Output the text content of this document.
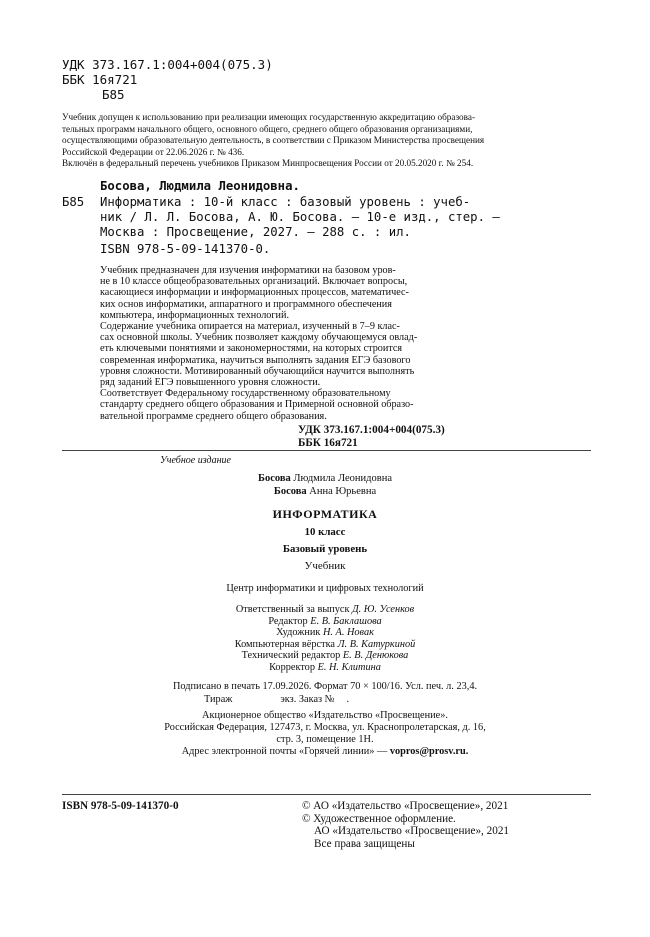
УДК 373.167.1:004+004(075.3)
ББК 16я721
Б85
Учебник допущен к использованию при реализации имеющих государственную аккредитацию образова-
тельных программ начального общего, основного общего, среднего общего образования организациями,
осуществляющими образовательную деятельность, в соответствии с Приказом Министерства просвещения
Российской Федерации от 22.06.2026 г. № 436.
Включён в федеральный перечень учебников Приказом Минпросвещения России от 20.05.2020 г. № 254.
Босова, Людмила Леонидовна.
Б85 Информатика : 10-й класс : базовый уровень : учеб-
ник / Л. Л. Босова, А. Ю. Босова. — 10-е изд., стер. —
Москва : Просвещение, 2027. — 288 с. : ил.
ISBN 978-5-09-141370-0.
Учебник предназначен для изучения информатики на базовом уров-
не в 10 классе общеобразовательных организаций. Включает вопросы,
касающиеся информации и информационных процессов, математичес-
ких основ информатики, аппаратного и программного обеспечения
компьютера, информационных технологий.
Содержание учебника опирается на материал, изученный в 7–9 клас-
сах основной школы. Учебник позволяет каждому обучающемуся овлад-
еть ключевыми понятиями и закономерностями, на которых строится
современная информатика, научиться выполнять задания ЕГЭ базового
уровня сложности. Мотивированный обучающийся научится выполнять
ряд заданий ЕГЭ повышенного уровня сложности.
Соответствует Федеральному государственному образовательному
стандарту среднего общего образования и Примерной основной образо-
вательной программе среднего общего образования.
УДК 373.167.1:004+004(075.3)
ББК 16я721
Учебное издание
Босова Людмила Леонидовна
Босова Анна Юрьевна
ИНФОРМАТИКА
10 класс
Базовый уровень
Учебник
Центр информатики и цифровых технологий
Ответственный за выпуск Д. Ю. Усенков
Редактор Е. В. Баклашова
Художник Н. А. Новак
Компьютерная вёрстка Л. В. Катуркиной
Технический редактор Е. В. Денюкова
Корректор Е. Н. Клитина
Подписано в печать 17.09.2026. Формат 70 × 100/16. Усл. печ. л. 23,4.
Тираж	экз. Заказ № .
Акционерное общество «Издательство «Просвещение».
Российская Федерация, 127473, г. Москва, ул. Краснопролетарская, д. 16,
стр. 3, помещение 1Н.
Адрес электронной почты «Горячей линии» — vopros@prosv.ru.
ISBN 978-5-09-141370-0	© АО «Издательство «Просвещение», 2021
© Художественное оформление.
АО «Издательство «Просвещение», 2021
Все права защищены
